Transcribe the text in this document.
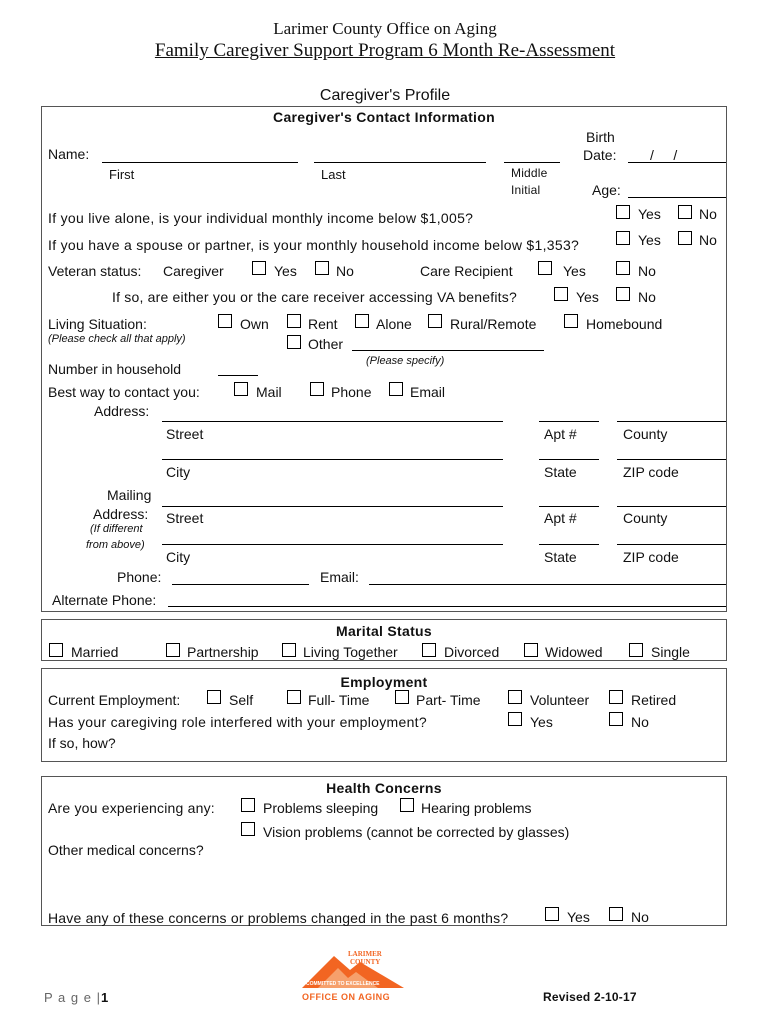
Larimer County Office on Aging
Family Caregiver Support Program 6 Month Re-Assessment
Caregiver's Profile
Caregiver's Contact Information
Name:
First	Last	Middle
Initial
Birth
Date: /     /
Age:
If you live alone, is your individual monthly income below $1,005?	Yes	No
If you have a spouse or partner, is your monthly household income below $1,353?	Yes	No
Veteran status: Caregiver	Yes	No	Care Recipient	Yes	No
If so, are either you or the care receiver accessing VA benefits?	Yes	No
Living Situation:
(Please check all that apply)
Own	Rent	Alone	Rural/Remote	Homebound
Other
(Please specify)
Number in household
Best way to contact you:	Mail	Phone	Email
Address:
Street	Apt #	County
City	State	ZIP code
Mailing
Address:
(If different
from above)
Street	Apt #	County
City	State	ZIP code
Phone:	Email:
Alternate Phone:
Marital Status
Married	Partnership	Living Together	Divorced	Widowed	Single
Employment
Current Employment:	Self	Full- Time	Part- Time	Volunteer	Retired
Has your caregiving role interfered with your employment?	Yes	No
If so, how?
Health Concerns
Are you experiencing any:	Problems sleeping	Hearing problems
Vision problems (cannot be corrected by glasses)
Other medical concerns?
Have any of these concerns or problems changed in the past 6 months?	Yes	No
P a g e |1
LARIMER
COUNTY
COMMITTED TO EXCELLENCE
OFFICE ON AGING	Revised 2-10-17
